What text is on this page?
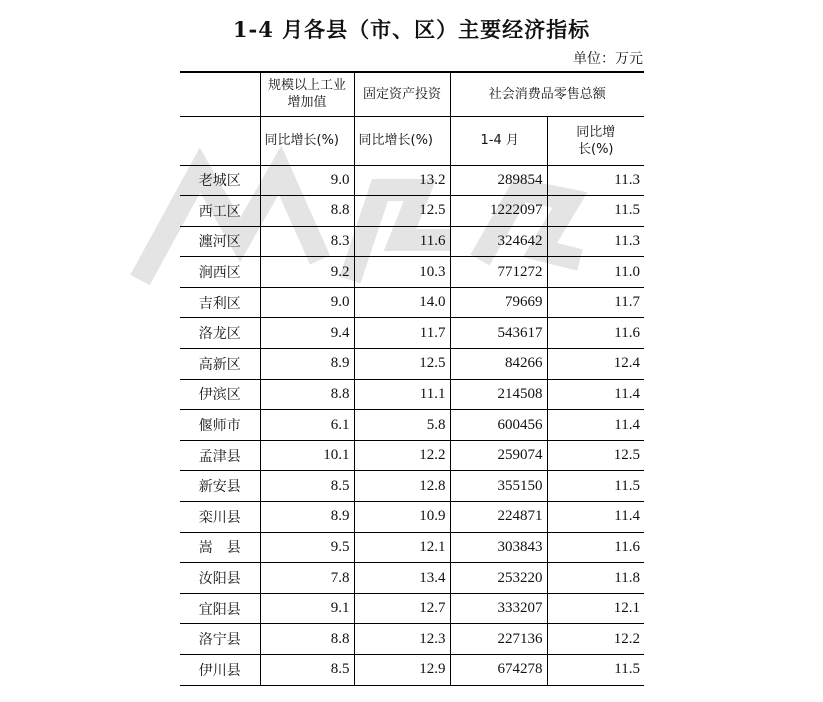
1-4 月各县（市、区）主要经济指标
单位：万元
	规模以上工业增加值	固定资产投资	社会消费品零售总额	
	同比增长(%)	同比增长(%)	1-4 月	同比增长(%)
老城区	9.0	13.2	289854	11.3
西工区	8.8	12.5	1222097	11.5
瀍河区	8.3	11.6	324642	11.3
涧西区	9.2	10.3	771272	11.0
吉利区	9.0	14.0	79669	11.7
洛龙区	9.4	11.7	543617	11.6
高新区	8.9	12.5	84266	12.4
伊滨区	8.8	11.1	214508	11.4
偃师市	6.1	5.8	600456	11.4
孟津县	10.1	12.2	259074	12.5
新安县	8.5	12.8	355150	11.5
栾川县	8.9	10.9	224871	11.4
嵩　县	9.5	12.1	303843	11.6
汝阳县	7.8	13.4	253220	11.8
宜阳县	9.1	12.7	333207	12.1
洛宁县	8.8	12.3	227136	12.2
伊川县	8.5	12.9	674278	11.5
